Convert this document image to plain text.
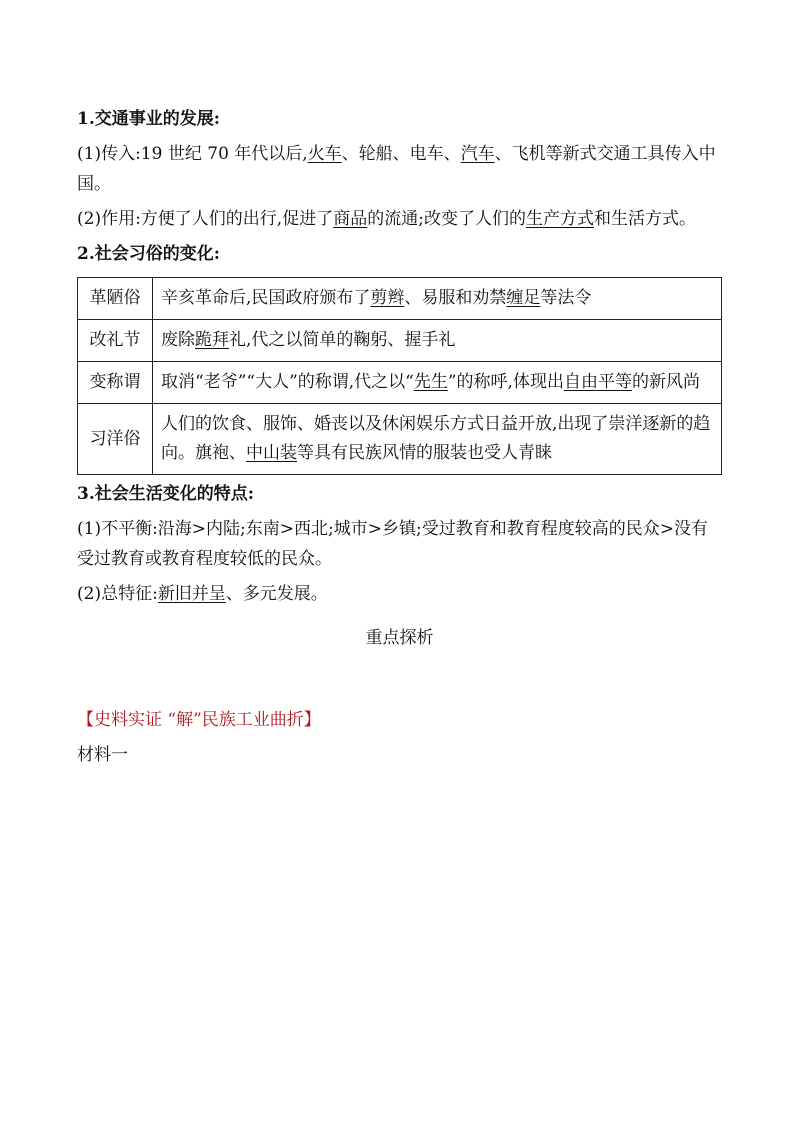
1.交通事业的发展:

(1)传入:19 世纪 70 年代以后,火车、轮船、电车、汽车、飞机等新式交通工具传入中国。

(2)作用:方便了人们的出行,促进了商品的流通;改变了人们的生产方式和生活方式。

2.社会习俗的变化:

革陋俗	辛亥革命后,民国政府颁布了剪辫、易服和劝禁缠足等法令
改礼节	废除跪拜礼,代之以简单的鞠躬、握手礼
变称谓	取消“老爷”“大人”的称谓,代之以“先生”的称呼,体现出自由平等的新风尚
习洋俗	人们的饮食、服饰、婚丧以及休闲娱乐方式日益开放,出现了崇洋逐新的趋向。旗袍、中山装等具有民族风情的服装也受人青睐

3.社会生活变化的特点:

(1)不平衡:沿海>内陆;东南>西北;城市>乡镇;受过教育和教育程度较高的民众>没有受过教育或教育程度较低的民众。

(2)总特征:新旧并呈、多元发展。

重点探析

【史料实证 “解”民族工业曲折】

材料一
